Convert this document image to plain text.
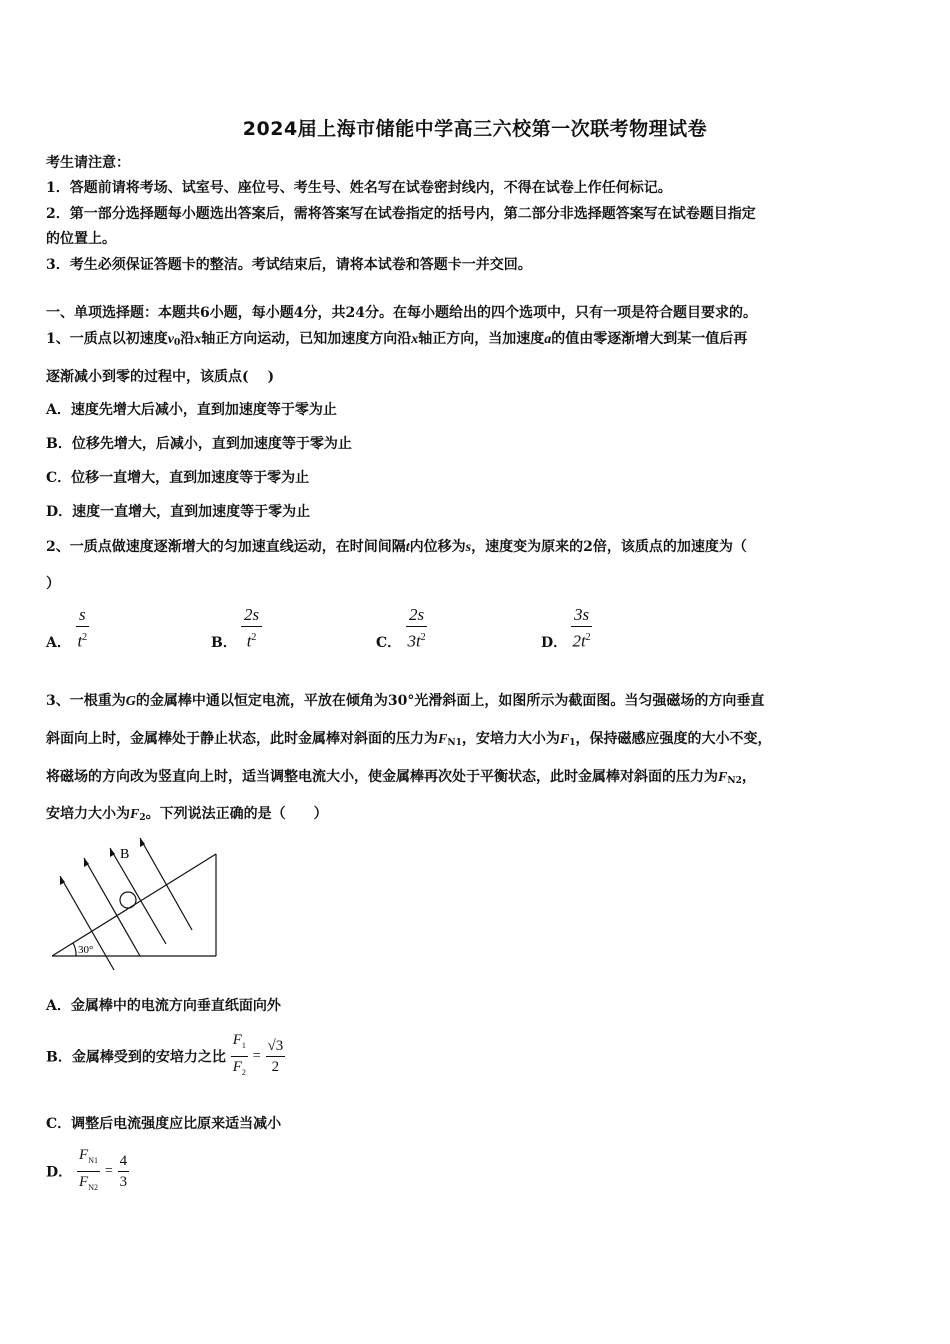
2024届上海市储能中学高三六校第一次联考物理试卷
考生请注意：
1．答题前请将考场、试室号、座位号、考生号、姓名写在试卷密封线内，不得在试卷上作任何标记。
2．第一部分选择题每小题选出答案后，需将答案写在试卷指定的括号内，第二部分非选择题答案写在试卷题目指定
的位置上。
3．考生必须保证答题卡的整洁。考试结束后，请将本试卷和答题卡一并交回。
一、单项选择题：本题共6小题，每小题4分，共24分。在每小题给出的四个选项中，只有一项是符合题目要求的。
1、一质点以初速度$v_0$沿x轴正方向运动，已知加速度方向沿x轴正方向，当加速度a的值由零逐渐增大到某一值后再
逐渐减小到零的过程中，该质点(　 )
A．速度先增大后减小，直到加速度等于零为止
B．位移先增大，后减小，直到加速度等于零为止
C．位移一直增大，直到加速度等于零为止
D．速度一直增大，直到加速度等于零为止
2、一质点做速度逐渐增大的匀加速直线运动，在时间间隔t内位移为s，速度变为原来的2倍，该质点的加速度为（
）
A． $\frac{s}{t^2}$	B． $\frac{2s}{t^2}$	C． $\frac{2s}{3t^2}$	D． $\frac{3s}{2t^2}$
3、一根重为G的金属棒中通以恒定电流，平放在倾角为30°光滑斜面上，如图所示为截面图。当匀强磁场的方向垂直
斜面向上时，金属棒处于静止状态，此时金属棒对斜面的压力为$F_{N1}$，安培力大小为$F_1$，保持磁感应强度的大小不变，
将磁场的方向改为竖直向上时，适当调整电流大小，使金属棒再次处于平衡状态，此时金属棒对斜面的压力为$F_{N2}$，
安培力大小为$F_2$。下列说法正确的是（　　）
30°
B
A．金属棒中的电流方向垂直纸面向外
B．金属棒受到的安培力之比 $\frac{F_1}{F_2} = \frac{√3}{2}$
C．调整后电流强度应比原来适当减小
D． $\frac{F_{N1}}{F_{N2}} = \frac{4}{3}$
